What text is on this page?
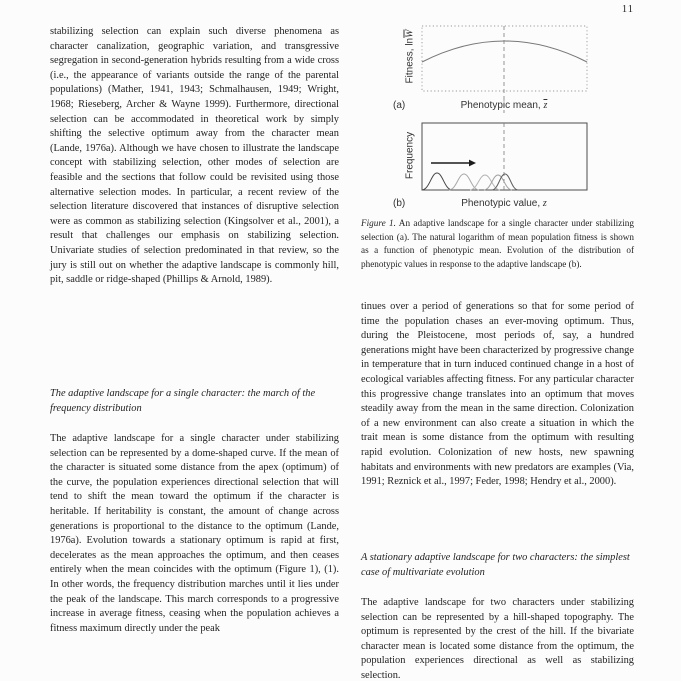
11
stabilizing selection can explain such diverse phenomena as character canalization, geographic variation, and transgressive segregation in second-generation hybrids resulting from a wide cross (i.e., the appearance of variants outside the range of the parental populations) (Mather, 1941, 1943; Schmalhausen, 1949; Wright, 1968; Rieseberg, Archer & Wayne 1999). Furthermore, directional selection can be accommodated in theoretical work by simply shifting the selective optimum away from the character mean (Lande, 1976a). Although we have chosen to illustrate the landscape concept with stabilizing selection, other modes of selection are feasible and the sections that follow could be revisited using those alternative selection modes. In particular, a recent review of the selection literature discovered that instances of disruptive selection were as common as stabilizing selection (Kingsolver et al., 2001), a result that challenges our emphasis on stabilizing selection. Univariate studies of selection predominated in that review, so the jury is still out on whether the adaptive landscape is commonly hill, pit, saddle or ridge-shaped (Phillips & Arnold, 1989).
The adaptive landscape for a single character: the march of the frequency distribution
The adaptive landscape for a single character under stabilizing selection can be represented by a dome-shaped curve. If the mean of the character is situated some distance from the apex (optimum) of the curve, the population experiences directional selection that will tend to shift the mean toward the optimum if the character is heritable. If heritability is constant, the amount of change across generations is proportional to the distance to the optimum (Lande, 1976a). Evolution towards a stationary optimum is rapid at first, decelerates as the mean approaches the optimum, and then ceases entirely when the mean coincides with the optimum (Figure 1), (1). In other words, the frequency distribution marches until it lies under the peak of the landscape. This march corresponds to a progressive increase in average fitness, ceasing when the population achieves a fitness maximum directly under the peak
Fitness, $\ln\overline{W}$
(a)	Phenotypic mean, $\overline{z}$
Frequency
(b)	Phenotypic value, z
Figure 1. An adaptive landscape for a single character under stabilizing selection (a). The natural logarithm of mean population fitness is shown as a function of phenotypic mean. Evolution of the distribution of phenotypic values in response to the adaptive landscape (b).
tinues over a period of generations so that for some period of time the population chases an ever-moving optimum. Thus, during the Pleistocene, most periods of, say, a hundred generations might have been characterized by progressive change in temperature that in turn induced continued change in a host of ecological variables affecting fitness. For any particular character this progressive change translates into an optimum that moves steadily away from the mean in the same direction. Colonization of a new environment can also create a situation in which the trait mean is some distance from the optimum with resulting rapid evolution. Colonization of new hosts, new spawning habitats and environments with new predators are examples (Via, 1991; Reznick et al., 1997; Feder, 1998; Hendry et al., 2000).
A stationary adaptive landscape for two characters: the simplest case of multivariate evolution
The adaptive landscape for two characters under stabilizing selection can be represented by a hill-shaped topography. The optimum is represented by the crest of the hill. If the bivariate character mean is located some distance from the optimum, the population experiences directional as well as stabilizing selection.
